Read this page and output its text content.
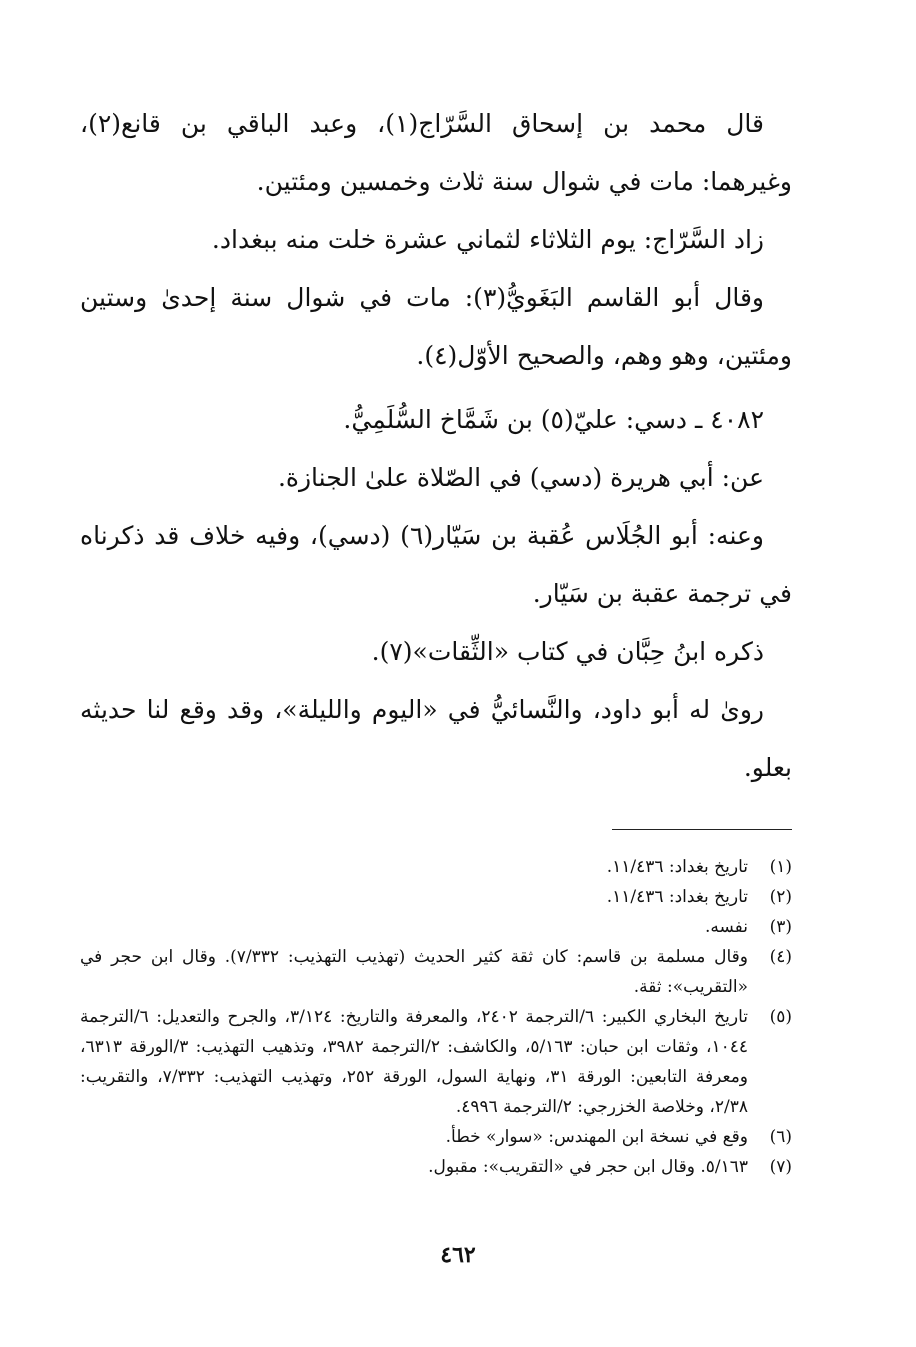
قال محمد بن إسحاق السَّرّاج(١)، وعبد الباقي بن قانع(٢)، وغيرهما: مات في شوال سنة ثلاث وخمسين ومئتين.

زاد السَّرّاج: يوم الثلاثاء لثماني عشرة خلت منه ببغداد.

وقال أبو القاسم البَغَويُّ(٣): مات في شوال سنة إحدىٰ وستين ومئتين، وهو وهم، والصحيح الأوّل(٤).

٤٠٨٢ ـ دسي: عليّ(٥) بن شَمَّاخ السُّلَمِيُّ.

عن: أبي هريرة (دسي) في الصّلاة علىٰ الجنازة.

وعنه: أبو الجُلَاس عُقبة بن سَيّار(٦) (دسي)، وفيه خلاف قد ذكرناه في ترجمة عقبة بن سَيّار.

ذكره ابنُ حِبَّان في كتاب «الثِّقات»(٧).

روىٰ له أبو داود، والنَّسائيُّ في «اليوم والليلة»، وقد وقع لنا حديثه بعلو.

(١)
تاريخ بغداد: ١١/٤٣٦.
(٢)
تاريخ بغداد: ١١/٤٣٦.
(٣)
نفسه.
(٤)
وقال مسلمة بن قاسم: كان ثقة كثير الحديث (تهذيب التهذيب: ٧/٣٣٢). وقال ابن حجر في «التقريب»: ثقة.
(٥)
تاريخ البخاري الكبير: ٦/الترجمة ٢٤٠٢، والمعرفة والتاريخ: ٣/١٢٤، والجرح والتعديل: ٦/الترجمة ١٠٤٤، وثقات ابن حبان: ٥/١٦٣، والكاشف: ٢/الترجمة ٣٩٨٢، وتذهيب التهذيب: ٣/الورقة ٦٣١٣، ومعرفة التابعين: الورقة ٣١، ونهاية السول، الورقة ٢٥٢، وتهذيب التهذيب: ٧/٣٣٢، والتقريب: ٢/٣٨، وخلاصة الخزرجي: ٢/الترجمة ٤٩٩٦.
(٦)
وقع في نسخة ابن المهندس: «سوار» خطأ.
(٧)
٥/١٦٣. وقال ابن حجر في «التقريب»: مقبول.
٤٦٢
